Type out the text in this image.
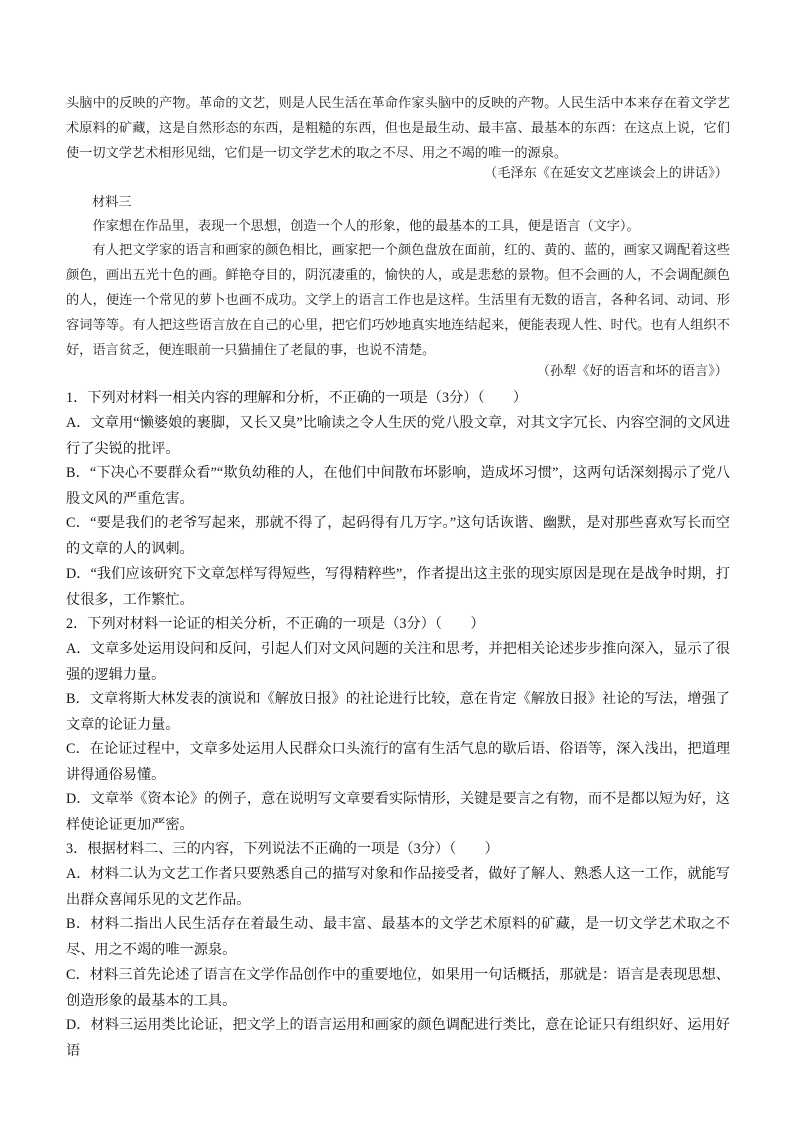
头脑中的反映的产物。革命的文艺，则是人民生活在革命作家头脑中的反映的产物。人民生活中本来存在着文学艺术原料的矿藏，这是自然形态的东西，是粗糙的东西，但也是最生动、最丰富、最基本的东西：在这点上说，它们使一切文学艺术相形见绌，它们是一切文学艺术的取之不尽、用之不竭的唯一的源泉。

（毛泽东《在延安文艺座谈会上的讲话》）

材料三

作家想在作品里，表现一个思想，创造一个人的形象，他的最基本的工具，便是语言（文字）。

有人把文学家的语言和画家的颜色相比，画家把一个颜色盘放在面前，红的、黄的、蓝的，画家又调配着这些颜色，画出五光十色的画。鲜艳夺目的，阴沉凄重的，愉快的人，或是悲愁的景物。但不会画的人，不会调配颜色的人，便连一个常见的萝卜也画不成功。文学上的语言工作也是这样。生活里有无数的语言，各种名词、动词、形容词等等。有人把这些语言放在自己的心里，把它们巧妙地真实地连结起来，便能表现人性、时代。也有人组织不好，语言贫乏，便连眼前一只猫捕住了老鼠的事，也说不清楚。

（孙犁《好的语言和坏的语言》）

1．下列对材料一相关内容的理解和分析，不正确的一项是（3分）（　　）

A．文章用“懒婆娘的裹脚，又长又臭”比喻读之令人生厌的党八股文章，对其文字冗长、内容空洞的文风进行了尖锐的批评。

B．“下决心不要群众看”“欺负幼稚的人，在他们中间散布坏影响，造成坏习惯”，这两句话深刻揭示了党八股文风的严重危害。

C．“要是我们的老爷写起来，那就不得了，起码得有几万字。”这句话诙谐、幽默，是对那些喜欢写长而空的文章的人的讽刺。

D．“我们应该研究下文章怎样写得短些，写得精粹些”，作者提出这主张的现实原因是现在是战争时期，打仗很多，工作繁忙。

2．下列对材料一论证的相关分析，不正确的一项是（3分）（　　）

A．文章多处运用设问和反问，引起人们对文风问题的关注和思考，并把相关论述步步推向深入，显示了很强的逻辑力量。

B．文章将斯大林发表的演说和《解放日报》的社论进行比较，意在肯定《解放日报》社论的写法，增强了文章的论证力量。

C．在论证过程中，文章多处运用人民群众口头流行的富有生活气息的歇后语、俗语等，深入浅出，把道理讲得通俗易懂。

D．文章举《资本论》的例子，意在说明写文章要看实际情形，关键是要言之有物，而不是都以短为好，这样使论证更加严密。

3．根据材料二、三的内容，下列说法不正确的一项是（3分）（　　）

A．材料二认为文艺工作者只要熟悉自己的描写对象和作品接受者，做好了解人、熟悉人这一工作，就能写出群众喜闻乐见的文艺作品。

B．材料二指出人民生活存在着最生动、最丰富、最基本的文学艺术原料的矿藏，是一切文学艺术取之不尽、用之不竭的唯一源泉。

C．材料三首先论述了语言在文学作品创作中的重要地位，如果用一句话概括，那就是：语言是表现思想、创造形象的最基本的工具。

D．材料三运用类比论证，把文学上的语言运用和画家的颜色调配进行类比，意在论证只有组织好、运用好语
